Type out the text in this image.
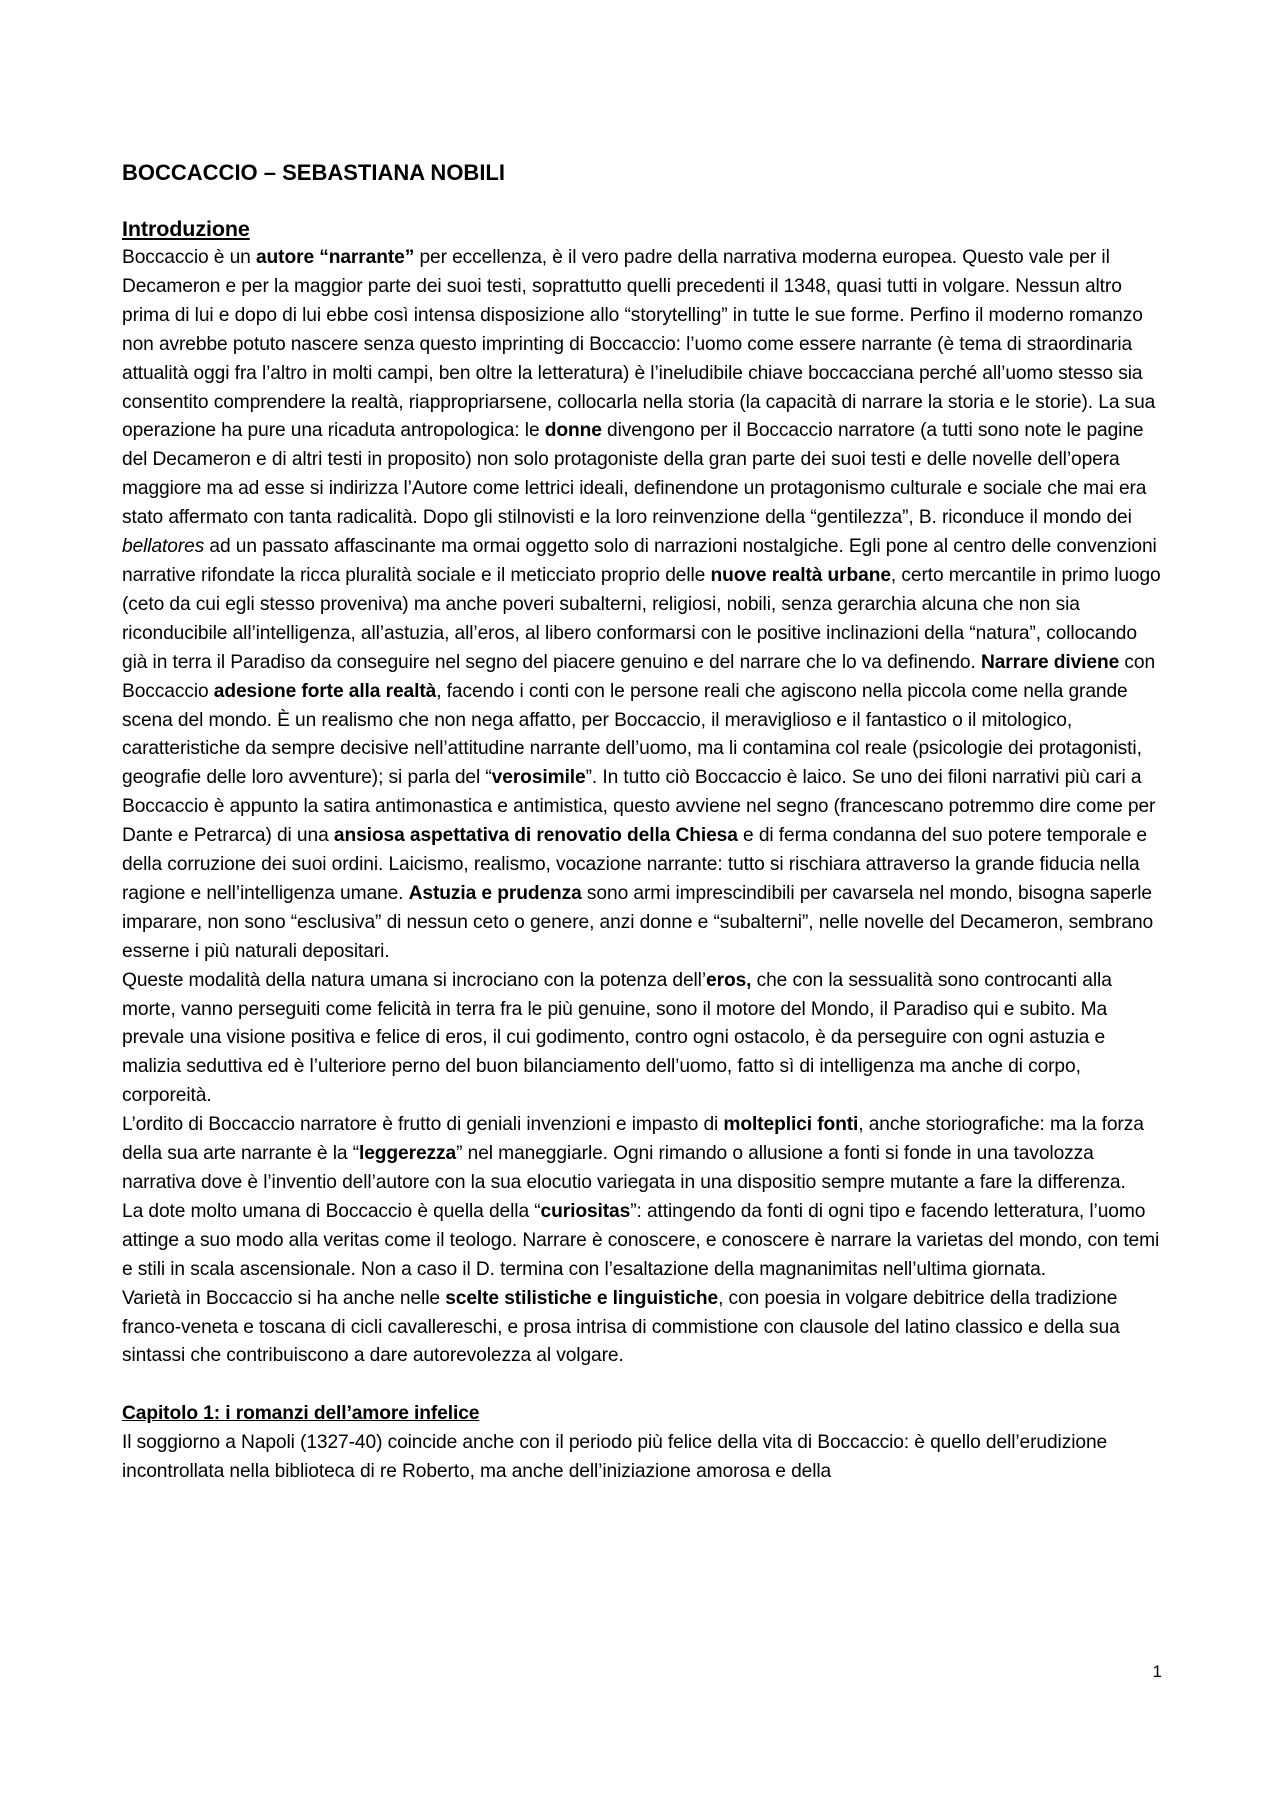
BOCCACCIO – SEBASTIANA NOBILI
Introduzione

Boccaccio è un autore “narrante” per eccellenza, è il vero padre della narrativa moderna europea. Questo vale per il Decameron e per la maggior parte dei suoi testi, soprattutto quelli precedenti il 1348, quasi tutti in volgare. Nessun altro prima di lui e dopo di lui ebbe così intensa disposizione allo “storytelling” in tutte le sue forme. Perfino il moderno romanzo non avrebbe potuto nascere senza questo imprinting di Boccaccio: l’uomo come essere narrante (è tema di straordinaria attualità oggi fra l’altro in molti campi, ben oltre la letteratura) è l’ineludibile chiave boccacciana perché all’uomo stesso sia consentito comprendere la realtà, riappropriarsene, collocarla nella storia (la capacità di narrare la storia e le storie). La sua operazione ha pure una ricaduta antropologica: le donne divengono per il Boccaccio narratore (a tutti sono note le pagine del Decameron e di altri testi in proposito) non solo protagoniste della gran parte dei suoi testi e delle novelle dell’opera maggiore ma ad esse si indirizza l’Autore come lettrici ideali, definendone un protagonismo culturale e sociale che mai era stato affermato con tanta radicalità. Dopo gli stilnovisti e la loro reinvenzione della “gentilezza”, B. riconduce il mondo dei bellatores ad un passato affascinante ma ormai oggetto solo di narrazioni nostalgiche. Egli pone al centro delle convenzioni narrative rifondate la ricca pluralità sociale e il meticciato proprio delle nuove realtà urbane, certo mercantile in primo luogo (ceto da cui egli stesso proveniva) ma anche poveri subalterni, religiosi, nobili, senza gerarchia alcuna che non sia riconducibile all’intelligenza, all’astuzia, all’eros, al libero conformarsi con le positive inclinazioni della “natura”, collocando già in terra il Paradiso da conseguire nel segno del piacere genuino e del narrare che lo va definendo. Narrare diviene con Boccaccio adesione forte alla realtà, facendo i conti con le persone reali che agiscono nella piccola come nella grande scena del mondo. È un realismo che non nega affatto, per Boccaccio, il meraviglioso e il fantastico o il mitologico, caratteristiche da sempre decisive nell’attitudine narrante dell’uomo, ma li contamina col reale (psicologie dei protagonisti, geografie delle loro avventure); si parla del “verosimile”. In tutto ciò Boccaccio è laico. Se uno dei filoni narrativi più cari a Boccaccio è appunto la satira antimonastica e antimistica, questo avviene nel segno (francescano potremmo dire come per Dante e Petrarca) di una ansiosa aspettativa di renovatio della Chiesa e di ferma condanna del suo potere temporale e della corruzione dei suoi ordini. Laicismo, realismo, vocazione narrante: tutto si rischiara attraverso la grande fiducia nella ragione e nell’intelligenza umane. Astuzia e prudenza sono armi imprescindibili per cavarsela nel mondo, bisogna saperle imparare, non sono “esclusiva” di nessun ceto o genere, anzi donne e “subalterni”, nelle novelle del Decameron, sembrano esserne i più naturali depositari.

Queste modalità della natura umana si incrociano con la potenza dell’eros, che con la sessualità sono controcanti alla morte, vanno perseguiti come felicità in terra fra le più genuine, sono il motore del Mondo, il Paradiso qui e subito. Ma prevale una visione positiva e felice di eros, il cui godimento, contro ogni ostacolo, è da perseguire con ogni astuzia e malizia seduttiva ed è l’ulteriore perno del buon bilanciamento dell’uomo, fatto sì di intelligenza ma anche di corpo, corporeità.

L’ordito di Boccaccio narratore è frutto di geniali invenzioni e impasto di molteplici fonti, anche storiografiche: ma la forza della sua arte narrante è la “leggerezza” nel maneggiarle. Ogni rimando o allusione a fonti si fonde in una tavolozza narrativa dove è l’inventio dell’autore con la sua elocutio variegata in una dispositio sempre mutante a fare la differenza.

La dote molto umana di Boccaccio è quella della “curiositas”: attingendo da fonti di ogni tipo e facendo letteratura, l’uomo attinge a suo modo alla veritas come il teologo. Narrare è conoscere, e conoscere è narrare la varietas del mondo, con temi e stili in scala ascensionale. Non a caso il D. termina con l’esaltazione della magnanimitas nell’ultima giornata.

Varietà in Boccaccio si ha anche nelle scelte stilistiche e linguistiche, con poesia in volgare debitrice della tradizione franco-veneta e toscana di cicli cavallereschi, e prosa intrisa di commistione con clausole del latino classico e della sua sintassi che contribuiscono a dare autorevolezza al volgare.

Capitolo 1: i romanzi dell’amore infelice

Il soggiorno a Napoli (1327-40) coincide anche con il periodo più felice della vita di Boccaccio: è quello dell’erudizione incontrollata nella biblioteca di re Roberto, ma anche dell’iniziazione amorosa e della

1
